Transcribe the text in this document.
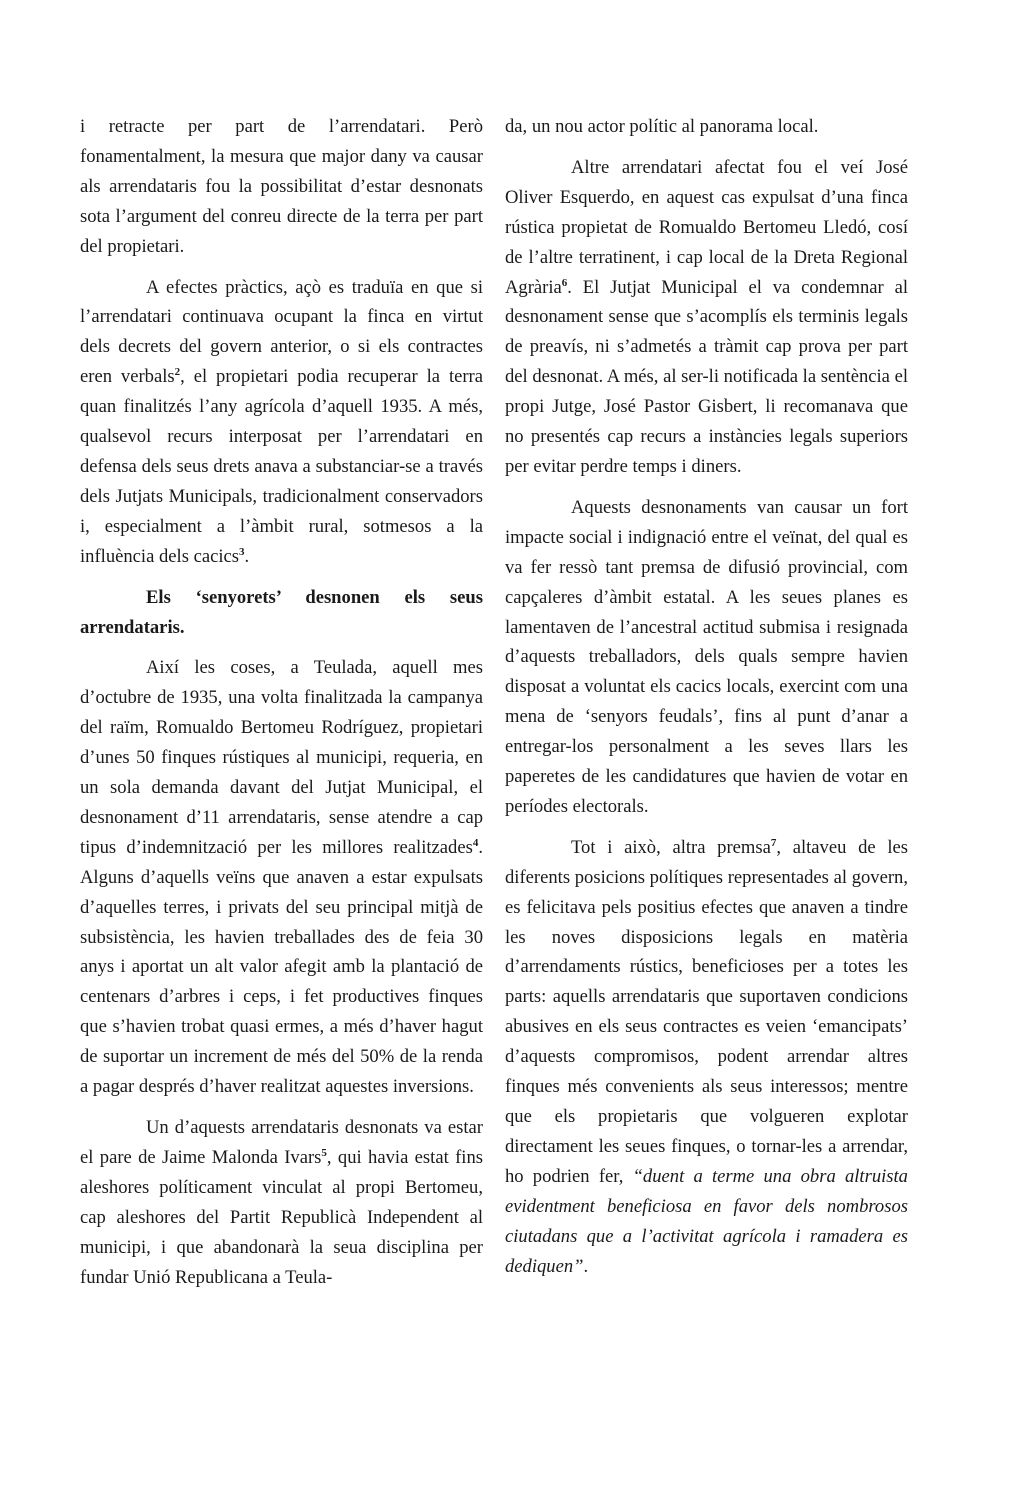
i retracte per part de l’arrendatari. Però fonamentalment, la mesura que major dany va causar als arrendataris fou la possibilitat d’estar desnonats sota l’argument del conreu directe de la terra per part del propietari.

A efectes pràctics, açò es traduïa en que si l’arrendatari continuava ocupant la finca en virtut dels decrets del govern anterior, o si els contractes eren verbals$^2$, el propietari podia recuperar la terra quan finalitzés l’any agrícola d’aquell 1935. A més, qualsevol recurs interposat per l’arrendatari en defensa dels seus drets anava a substanciar-se a través dels Jutjats Municipals, tradicionalment conservadors i, especialment a l’àmbit rural, sotmesos a la influència dels cacics$^3$.

Els ‘senyorets’ desnonen els seus arrendataris.

Així les coses, a Teulada, aquell mes d’octubre de 1935, una volta finalitzada la campanya del raïm, Romualdo Bertomeu Rodríguez, propietari d’unes 50 finques rústiques al municipi, requeria, en un sola demanda davant del Jutjat Municipal, el desnonament d’11 arrendataris, sense atendre a cap tipus d’indemnització per les millores realitzades$^4$. Alguns d’aquells veïns que anaven a estar expulsats d’aquelles terres, i privats del seu principal mitjà de subsistència, les havien treballades des de feia 30 anys i aportat un alt valor afegit amb la plantació de centenars d’arbres i ceps, i fet productives finques que s’havien trobat quasi ermes, a més d’haver hagut de suportar un increment de més del 50% de la renda a pagar després d’haver realitzat aquestes inversions.

Un d’aquests arrendataris desnonats va estar el pare de Jaime Malonda Ivars$^5$, qui havia estat fins aleshores políticament vinculat al propi Bertomeu, cap aleshores del Partit Republicà Independent al municipi, i que abandonarà la seua disciplina per fundar Unió Republicana a Teula-

da, un nou actor polític al panorama local.

Altre arrendatari afectat fou el veí José Oliver Esquerdo, en aquest cas expulsat d’una finca rústica propietat de Romualdo Bertomeu Lledó, cosí de l’altre terratinent, i cap local de la Dreta Regional Agrària$^6$. El Jutjat Municipal el va condemnar al desnonament sense que s’acomplís els terminis legals de preavís, ni s’admetés a tràmit cap prova per part del desnonat. A més, al ser-li notificada la sentència el propi Jutge, José Pastor Gisbert, li recomanava que no presentés cap recurs a instàncies legals superiors per evitar perdre temps i diners.

Aquests desnonaments van causar un fort impacte social i indignació entre el veïnat, del qual es va fer ressò tant premsa de difusió provincial, com capçaleres d’àmbit estatal. A les seues planes es lamentaven de l’ancestral actitud submisa i resignada d’aquests treballadors, dels quals sempre havien disposat a voluntat els cacics locals, exercint com una mena de ‘senyors feudals’, fins al punt d’anar a entregar-los personalment a les seves llars les paperetes de les candidatures que havien de votar en períodes electorals.

Tot i això, altra premsa$^7$, altaveu de les diferents posicions polítiques representades al govern, es felicitava pels positius efectes que anaven a tindre les noves disposicions legals en matèria d’arrendaments rústics, beneficioses per a totes les parts: aquells arrendataris que suportaven condicions abusives en els seus contractes es veien ‘emancipats’ d’aquests compromisos, podent arrendar altres finques més convenients als seus interessos; mentre que els propietaris que volgueren explotar directament les seues finques, o tornar-les a arrendar, ho podrien fer, “duent a terme una obra altruista evidentment beneficiosa en favor dels nombrosos ciutadans que a l’activitat agrícola i ramadera es dediquen”.
